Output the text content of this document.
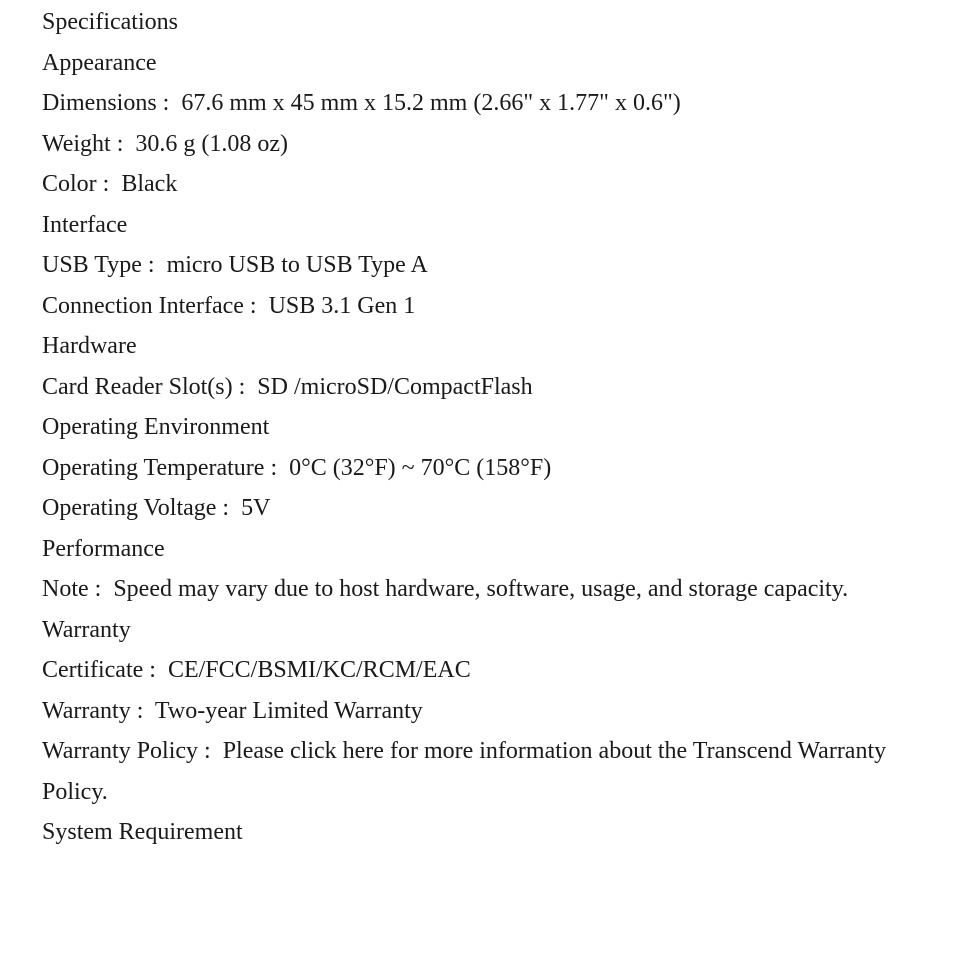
Specifications
Appearance
Dimensions :  67.6 mm x 45 mm x 15.2 mm (2.66" x 1.77" x 0.6")
Weight :  30.6 g (1.08 oz)
Color :  Black
Interface
USB Type :  micro USB to USB Type A
Connection Interface :  USB 3.1 Gen 1
Hardware
Card Reader Slot(s) :  SD /microSD/CompactFlash
Operating Environment
Operating Temperature :  0°C (32°F) ~ 70°C (158°F)
Operating Voltage :  5V
Performance
Note :  Speed may vary due to host hardware, software, usage, and storage capacity.
Warranty
Certificate :  CE/FCC/BSMI/KC/RCM/EAC
Warranty :  Two-year Limited Warranty
Warranty Policy :  Please click here for more information about the Transcend Warranty Policy.
System Requirement
